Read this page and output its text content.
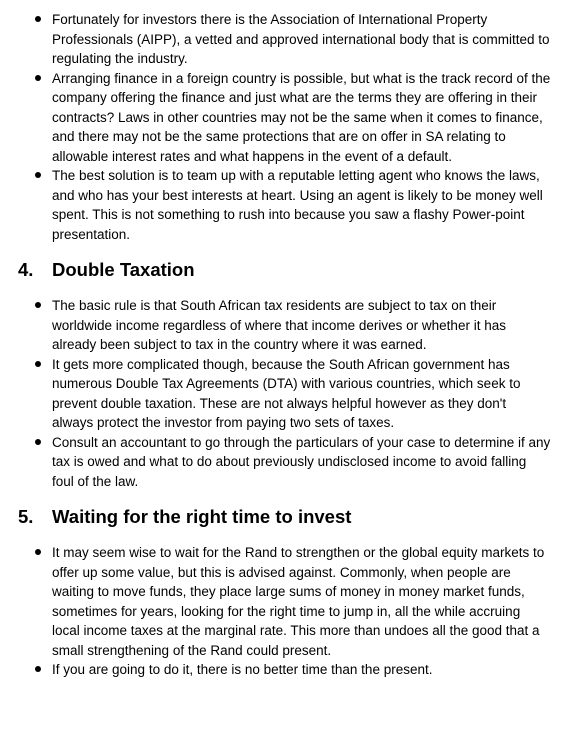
Fortunately for investors there is the Association of International Property Professionals (AIPP), a vetted and approved international body that is committed to regulating the industry.
Arranging finance in a foreign country is possible, but what is the track record of the company offering the finance and just what are the terms they are offering in their contracts? Laws in other countries may not be the same when it comes to finance, and there may not be the same protections that are on offer in SA relating to allowable interest rates and what happens in the event of a default.
The best solution is to team up with a reputable letting agent who knows the laws, and who has your best interests at heart. Using an agent is likely to be money well spent. This is not something to rush into because you saw a flashy Power-point presentation.
4.	Double Taxation
The basic rule is that South African tax residents are subject to tax on their worldwide income regardless of where that income derives or whether it has already been subject to tax in the country where it was earned.
It gets more complicated though, because the South African government has numerous Double Tax Agreements (DTA) with various countries, which seek to prevent double taxation. These are not always helpful however as they don't always protect the investor from paying two sets of taxes.
Consult an accountant to go through the particulars of your case to determine if any tax is owed and what to do about previously undisclosed income to avoid falling foul of the law.
5.	Waiting for the right time to invest
It may seem wise to wait for the Rand to strengthen or the global equity markets to offer up some value, but this is advised against. Commonly, when people are waiting to move funds, they place large sums of money in money market funds, sometimes for years, looking for the right time to jump in, all the while accruing local income taxes at the marginal rate. This more than undoes all the good that a small strengthening of the Rand could present.
If you are going to do it, there is no better time than the present.
